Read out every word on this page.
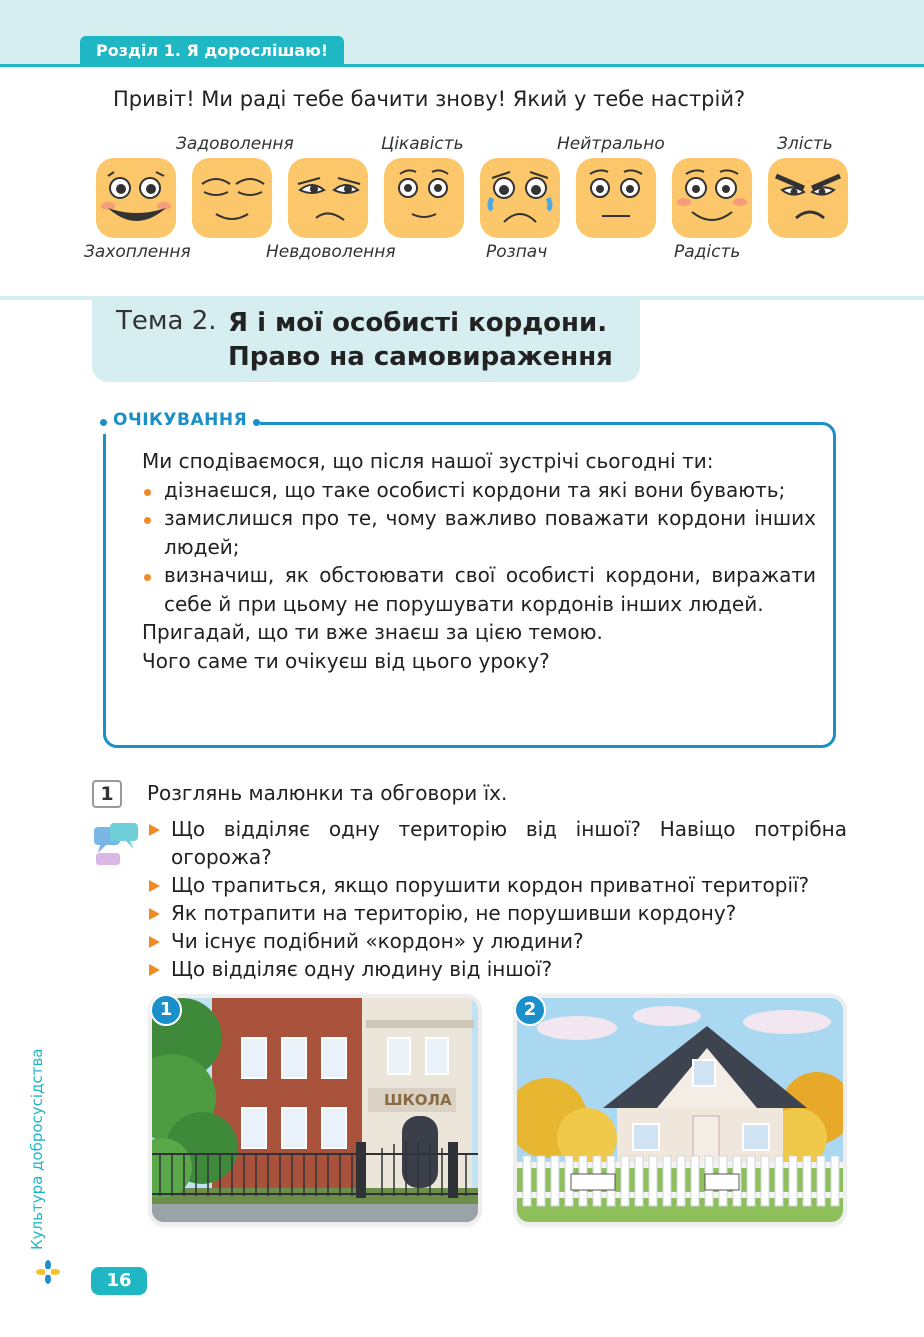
Розділ 1. Я дорослішаю!
Привіт! Ми раді тебе бачити знову! Який у тебе настрій?
Задоволення	Цікавість	Нейтрально	Злість
Захоплення	Невдоволення	Розпач	Радість
Тема 2. Я і мої особисті кордони.
Право на самовираження
ОЧІКУВАННЯ
Ми сподіваємося, що після нашої зустрічі сьогодні ти:
дізнаєшся, що таке особисті кордони та які вони бувають;
замислишся про те, чому важливо поважати кордони інших людей;
визначиш, як обстоювати свої особисті кордони, виражати себе й при цьому не порушувати кордонів інших людей.
Пригадай, що ти вже знаєш за цією темою.
Чого саме ти очікуєш від цього уроку?
1	Розглянь малюнки та обговори їх.
Що відділяє одну територію від іншої? Навіщо потрібна огорожа?
Що трапиться, якщо порушити кордон приватної території?
Як потрапити на територію, не порушивши кордону?
Чи існує подібний «кордон» у людини?
Що відділяє одну людину від іншої?
ШКОЛА
1	2
Культура добросусідства
16
